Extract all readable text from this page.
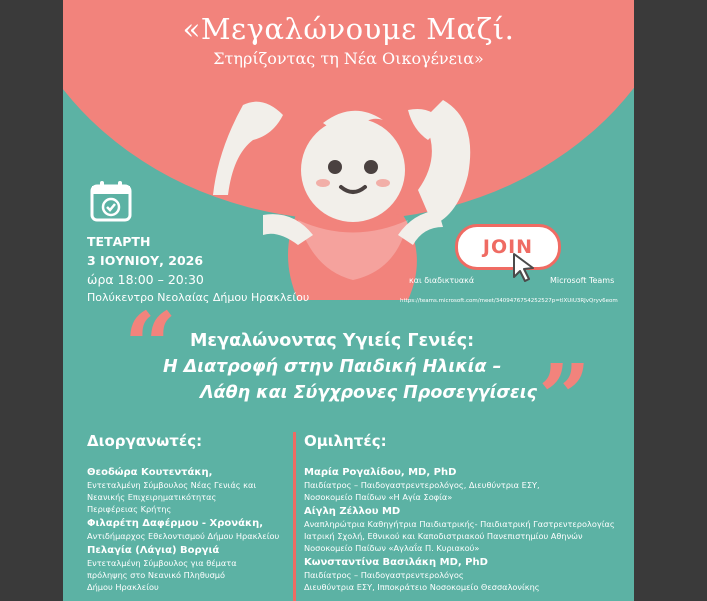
«Μεγαλώνουμε Μαζί.
Στηρίζοντας τη Νέα Οικογένεια»
ΤΕΤΑΡΤΗ
3 ΙΟΥΝΙΟΥ, 2026
ώρα 18:00 – 20:30
Πολύκεντρο Νεολαίας Δήμου Ηρακλείου
JOIN
και διαδικτυακά	Microsoft Teams
https://teams.microsoft.com/meet/3409476754252527p=tlXUiU3RJvQryv6eom
“	”
Μεγαλώνοντας Υγιείς Γενιές:
Η Διατροφή στην Παιδική Ηλικία –
Λάθη και Σύγχρονες Προσεγγίσεις
Διοργανωτές:	Ομιλητές:
Θεοδώρα Κουτεντάκη,
Εντεταλμένη Σύμβουλος Νέας Γενιάς και
Νεανικής Επιχειρηματικότητας
Περιφέρειας Κρήτης
Φιλαρέτη Δαφέρμου - Χρονάκη,
Αντιδήμαρχος Εθελοντισμού Δήμου Ηρακλείου
Πελαγία (Λάγια) Βοργιά
Εντεταλμένη Σύμβουλος για θέματα
πρόληψης στο Νεανικό Πληθυσμό
Δήμου Ηρακλείου
Μαρία Ρογαλίδου, MD, PhD
Παιδίατρος – Παιδογαστρεντερολόγος, Διευθύντρια ΕΣΥ,
Νοσοκομείο Παίδων «Η Αγία Σοφία»
Αίγλη Ζέλλου MD
Αναπληρώτρια Καθηγήτρια Παιδιατρικής- Παιδιατρική Γαστρεντερολογίας
Ιατρική Σχολή, Εθνικού και Καποδιστριακού Πανεπιστημίου Αθηνών
Νοσοκομείο Παίδων «Αγλαΐα Π. Κυριακού»
Κωνσταντίνα Βασιλάκη MD, PhD
Παιδίατρος – Παιδογαστρεντερολόγος
Διευθύντρια ΕΣΥ, Ιπποκράτειο Νοσοκομείο Θεσσαλονίκης
